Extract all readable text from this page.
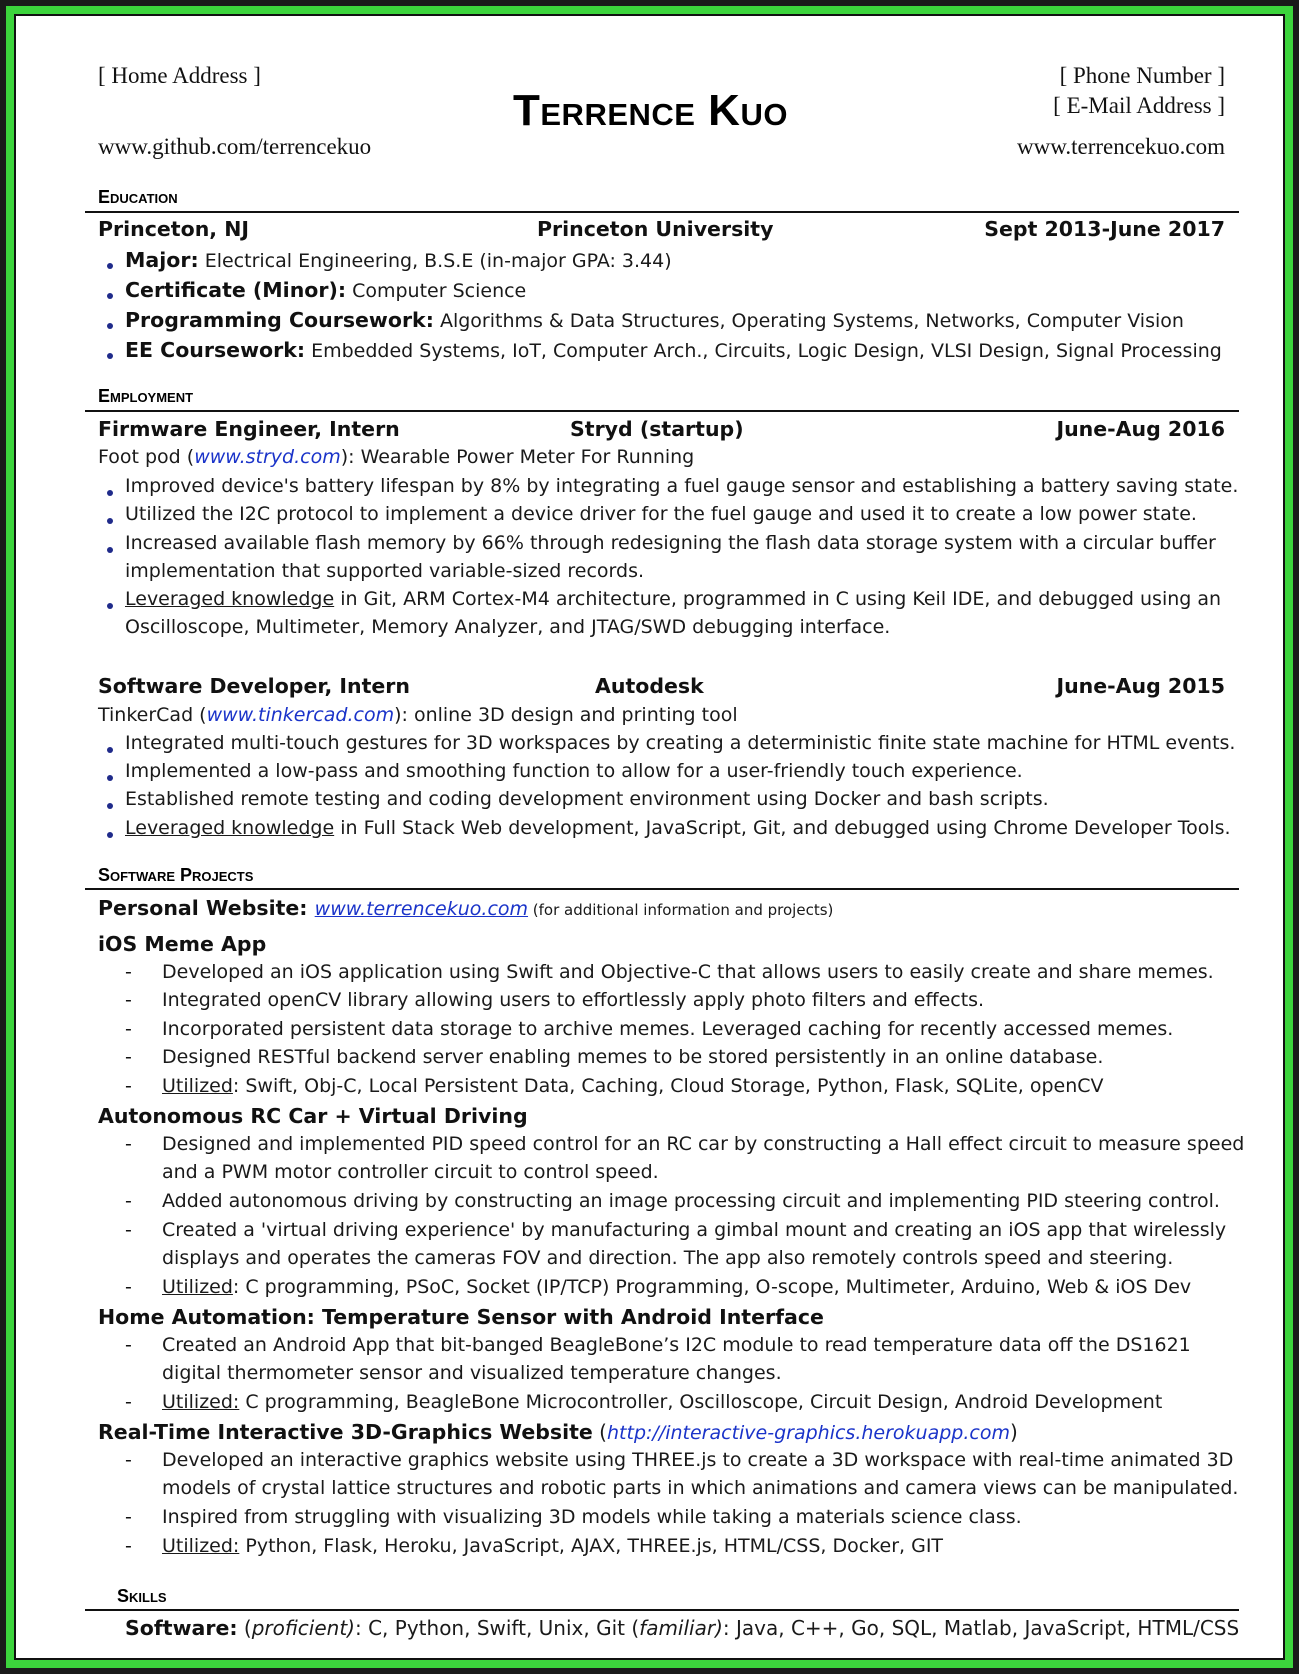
[ Home Address ]
Terrence Kuo
www.github.com/terrencekuo
[ Phone Number ]
[ E-Mail Address ]
www.terrencekuo.com
Education
Princeton, NJ	Princeton University	Sept 2013-June 2017
Major: Electrical Engineering, B.S.E (in-major GPA: 3.44)
Certificate (Minor): Computer Science
Programming Coursework: Algorithms & Data Structures, Operating Systems, Networks, Computer Vision
EE Coursework: Embedded Systems, IoT, Computer Arch., Circuits, Logic Design, VLSI Design, Signal Processing
Employment
Firmware Engineer, Intern	Stryd (startup)	June-Aug 2016
Foot pod (www.stryd.com): Wearable Power Meter For Running
Improved device's battery lifespan by 8% by integrating a fuel gauge sensor and establishing a battery saving state.
Utilized the I2C protocol to implement a device driver for the fuel gauge and used it to create a low power state.
Increased available flash memory by 66% through redesigning the flash data storage system with a circular buffer
implementation that supported variable-sized records.
Leveraged knowledge in Git, ARM Cortex-M4 architecture, programmed in C using Keil IDE, and debugged using an
Oscilloscope, Multimeter, Memory Analyzer, and JTAG/SWD debugging interface.
Software Developer, Intern	Autodesk	June-Aug 2015
TinkerCad (www.tinkercad.com): online 3D design and printing tool
Integrated multi-touch gestures for 3D workspaces by creating a deterministic finite state machine for HTML events.
Implemented a low-pass and smoothing function to allow for a user-friendly touch experience.
Established remote testing and coding development environment using Docker and bash scripts.
Leveraged knowledge in Full Stack Web development, JavaScript, Git, and debugged using Chrome Developer Tools.
Software Projects
Personal Website: www.terrencekuo.com (for additional information and projects)
iOS Meme App
- Developed an iOS application using Swift and Objective-C that allows users to easily create and share memes.
- Integrated openCV library allowing users to effortlessly apply photo filters and effects.
- Incorporated persistent data storage to archive memes. Leveraged caching for recently accessed memes.
- Designed RESTful backend server enabling memes to be stored persistently in an online database.
- Utilized: Swift, Obj-C, Local Persistent Data, Caching, Cloud Storage, Python, Flask, SQLite, openCV
Autonomous RC Car + Virtual Driving
- Designed and implemented PID speed control for an RC car by constructing a Hall effect circuit to measure speed
and a PWM motor controller circuit to control speed.
- Added autonomous driving by constructing an image processing circuit and implementing PID steering control.
- Created a 'virtual driving experience' by manufacturing a gimbal mount and creating an iOS app that wirelessly
displays and operates the cameras FOV and direction. The app also remotely controls speed and steering.
- Utilized: C programming, PSoC, Socket (IP/TCP) Programming, O-scope, Multimeter, Arduino, Web & iOS Dev
Home Automation: Temperature Sensor with Android Interface
- Created an Android App that bit-banged BeagleBone’s I2C module to read temperature data off the DS1621
digital thermometer sensor and visualized temperature changes.
- Utilized: C programming, BeagleBone Microcontroller, Oscilloscope, Circuit Design, Android Development
Real-Time Interactive 3D-Graphics Website (http://interactive-graphics.herokuapp.com)
- Developed an interactive graphics website using THREE.js to create a 3D workspace with real-time animated 3D
models of crystal lattice structures and robotic parts in which animations and camera views can be manipulated.
- Inspired from struggling with visualizing 3D models while taking a materials science class.
- Utilized: Python, Flask, Heroku, JavaScript, AJAX, THREE.js, HTML/CSS, Docker, GIT
Skills
Software: (proficient): C, Python, Swift, Unix, Git (familiar): Java, C++, Go, SQL, Matlab, JavaScript, HTML/CSS
